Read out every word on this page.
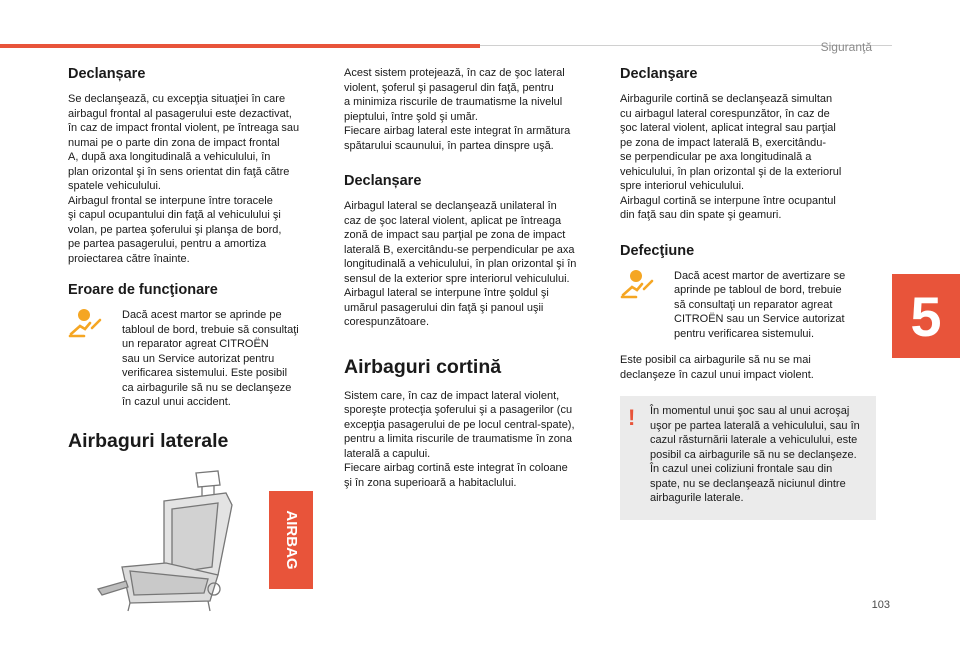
Siguranţă
5
103
Declanșare

Se declanşează, cu excepţia situaţiei în care
airbagul frontal al pasagerului este dezactivat,
în caz de impact frontal violent, pe întreaga sau
numai pe o parte din zona de impact frontal
A, după axa longitudinală a vehiculului, în
plan orizontal şi în sens orientat din faţă către
spatele vehiculului.
Airbagul frontal se interpune între toracele
şi capul ocupantului din faţă al vehiculului şi
volan, pe partea şoferului şi planşa de bord,
pe partea pasagerului, pentru a amortiza
proiectarea către înainte.

Eroare de funcţionare

Dacă acest martor se aprinde pe
tabloul de bord, trebuie să consultaţi
un reparator agreat CITROËN
sau un Service autorizat pentru
verificarea sistemului. Este posibil
ca airbagurile să nu se declanşeze
în cazul unui accident.

Airbaguri laterale
AIRBAG

Acest sistem protejează, în caz de şoc lateral
violent, şoferul şi pasagerul din faţă, pentru
a minimiza riscurile de traumatisme la nivelul
pieptului, între şold şi umăr.
Fiecare airbag lateral este integrat în armătura
spătarului scaunului, în partea dinspre uşă.

Declanșare

Airbagul lateral se declanşează unilateral în
caz de şoc lateral violent, aplicat pe întreaga
zonă de impact sau parţial pe zona de impact
laterală B, exercitându-se perpendicular pe axa
longitudinală a vehiculului, în plan orizontal şi în
sensul de la exterior spre interiorul vehiculului.
Airbagul lateral se interpune între şoldul şi
umărul pasagerului din faţă şi panoul uşii
corespunzătoare.

Airbaguri cortină

Sistem care, în caz de impact lateral violent,
sporeşte protecţia şoferului şi a pasagerilor (cu
excepţia pasagerului de pe locul central-spate),
pentru a limita riscurile de traumatisme în zona
laterală a capului.
Fiecare airbag cortină este integrat în coloane
şi în zona superioară a habitaclului.

Declanşare

Airbagurile cortină se declanşează simultan
cu airbagul lateral corespunzător, în caz de
şoc lateral violent, aplicat integral sau parţial
pe zona de impact laterală B, exercitându-
se perpendicular pe axa longitudinală a
vehiculului, în plan orizontal şi de la exteriorul
spre interiorul vehiculului.
Airbagul cortină se interpune între ocupantul
din faţă sau din spate şi geamuri.

Defecţiune

Dacă acest martor de avertizare se
aprinde pe tabloul de bord, trebuie
să consultaţi un reparator agreat
CITROËN sau un Service autorizat
pentru verificarea sistemului.

Este posibil ca airbagurile să nu se mai
declanşeze în cazul unui impact violent.

!	În momentul unui şoc sau al unui acroşaj
uşor pe partea laterală a vehiculului, sau în
cazul răsturnării laterale a vehiculului, este
posibil ca airbagurile să nu se declanşeze.
În cazul unei coliziuni frontale sau din
spate, nu se declanşează niciunul dintre
airbagurile laterale.
